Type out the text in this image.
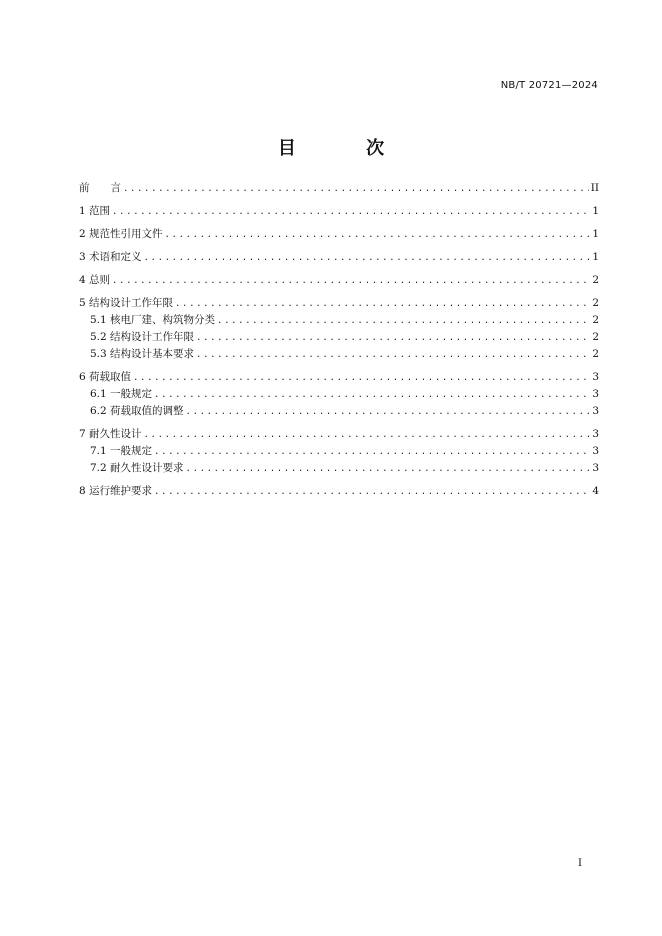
NB/T 20721—2024
目 次
前　　言 .....	II
1 范围 .....	1
2 规范性引用文件 .....	1
3 术语和定义 .....	1
4 总则 .....	2
5 结构设计工作年限 .....	2
5.1 核电厂建、构筑物分类 .....	2
5.2 结构设计工作年限 .....	2
5.3 结构设计基本要求 .....	2
6 荷载取值 .....	3
6.1 一般规定 .....	3
6.2 荷载取值的调整 .....	3
7 耐久性设计 .....	3
7.1 一般规定 .....	3
7.2 耐久性设计要求 .....	3
8 运行维护要求 .....	4
I
